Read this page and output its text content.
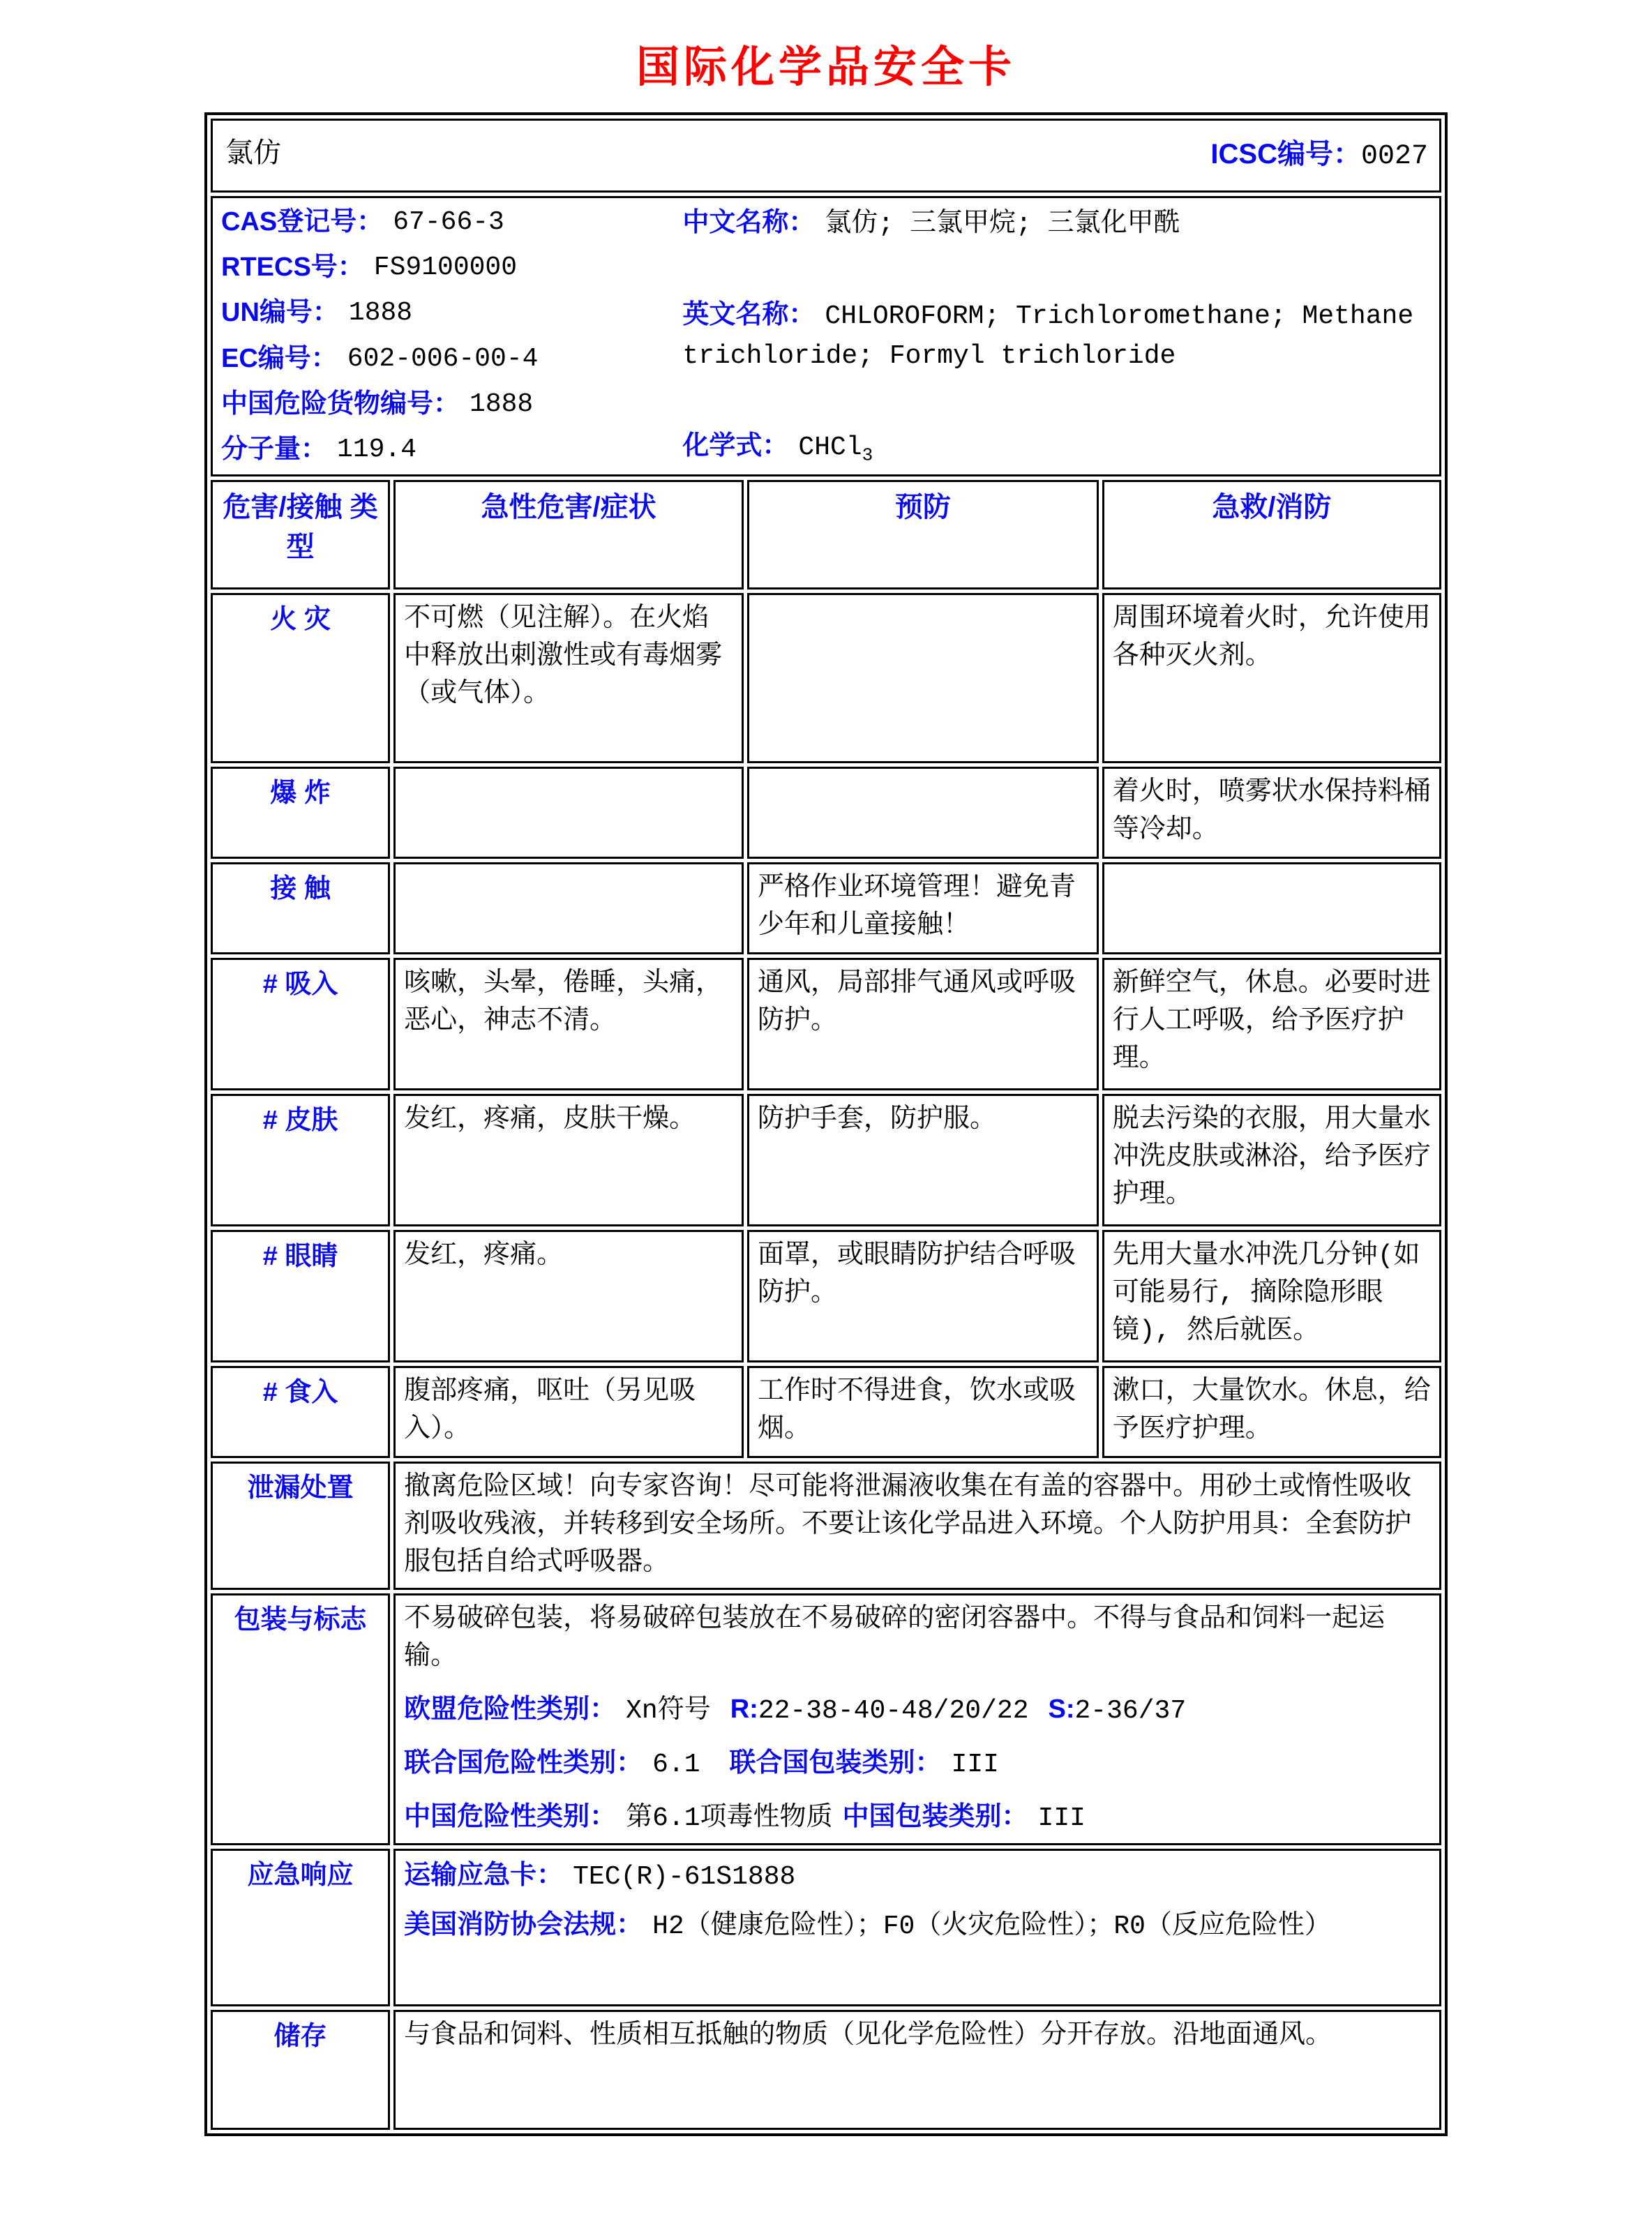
国际化学品安全卡
氯仿 ICSC编号：0027			

CAS登记号： 67-66-3
RTECS号： FS9100000
UN编号： 1888
EC编号： 602-006-00-4
中国危险货物编号： 1888
分子量： 119.4
中文名称： 氯仿; 三氯甲烷; 三氯化甲酰
英文名称： CHLOROFORM; Trichloromethane; Methane trichloride; Formyl trichloride
化学式： CHCl$_3$

危害/接触 类型	急性危害/症状	预防	急救/消防
火 灾	不可燃（见注解）。在火焰中释放出刺激性或有毒烟雾（或气体）。		周围环境着火时，允许使用各种灭火剂。
爆 炸			着火时，喷雾状水保持料桶等冷却。
接 触		严格作业环境管理！避免青少年和儿童接触！	
# 吸入	咳嗽，头晕，倦睡，头痛，恶心，神志不清。	通风，局部排气通风或呼吸防护。	新鲜空气，休息。必要时进行人工呼吸，给予医疗护理。
# 皮肤	发红，疼痛，皮肤干燥。	防护手套，防护服。	脱去污染的衣服，用大量水冲洗皮肤或淋浴，给予医疗护理。
# 眼睛	发红，疼痛。	面罩，或眼睛防护结合呼吸防护。	先用大量水冲洗几分钟(如可能易行, 摘除隐形眼镜), 然后就医。
# 食入	腹部疼痛，呕吐（另见吸入）。	工作时不得进食，饮水或吸烟。	漱口，大量饮水。休息，给予医疗护理。
泄漏处置	撤离危险区域！向专家咨询！尽可能将泄漏液收集在有盖的容器中。用砂土或惰性吸收剂吸收残液，并转移到安全场所。不要让该化学品进入环境。个人防护用具：全套防护服包括自给式呼吸器。		
包装与标志	不易破碎包装，将易破碎包装放在不易破碎的密闭容器中。不得与食品和饲料一起运输。
欧盟危险性类别： Xn符号 R:22-38-40-48/20/22 S:2-36/37
联合国危险性类别： 6.1 联合国包装类别： III
中国危险性类别： 第6.1项毒性物质 中国包装类别： III		

应急响应	运输应急卡： TEC(R)-61S1888
美国消防协会法规： H2（健康危险性）；F0（火灾危险性）；R0（反应危险性）		

储存	与食品和饲料、性质相互抵触的物质（见化学危险性）分开存放。沿地面通风。		
